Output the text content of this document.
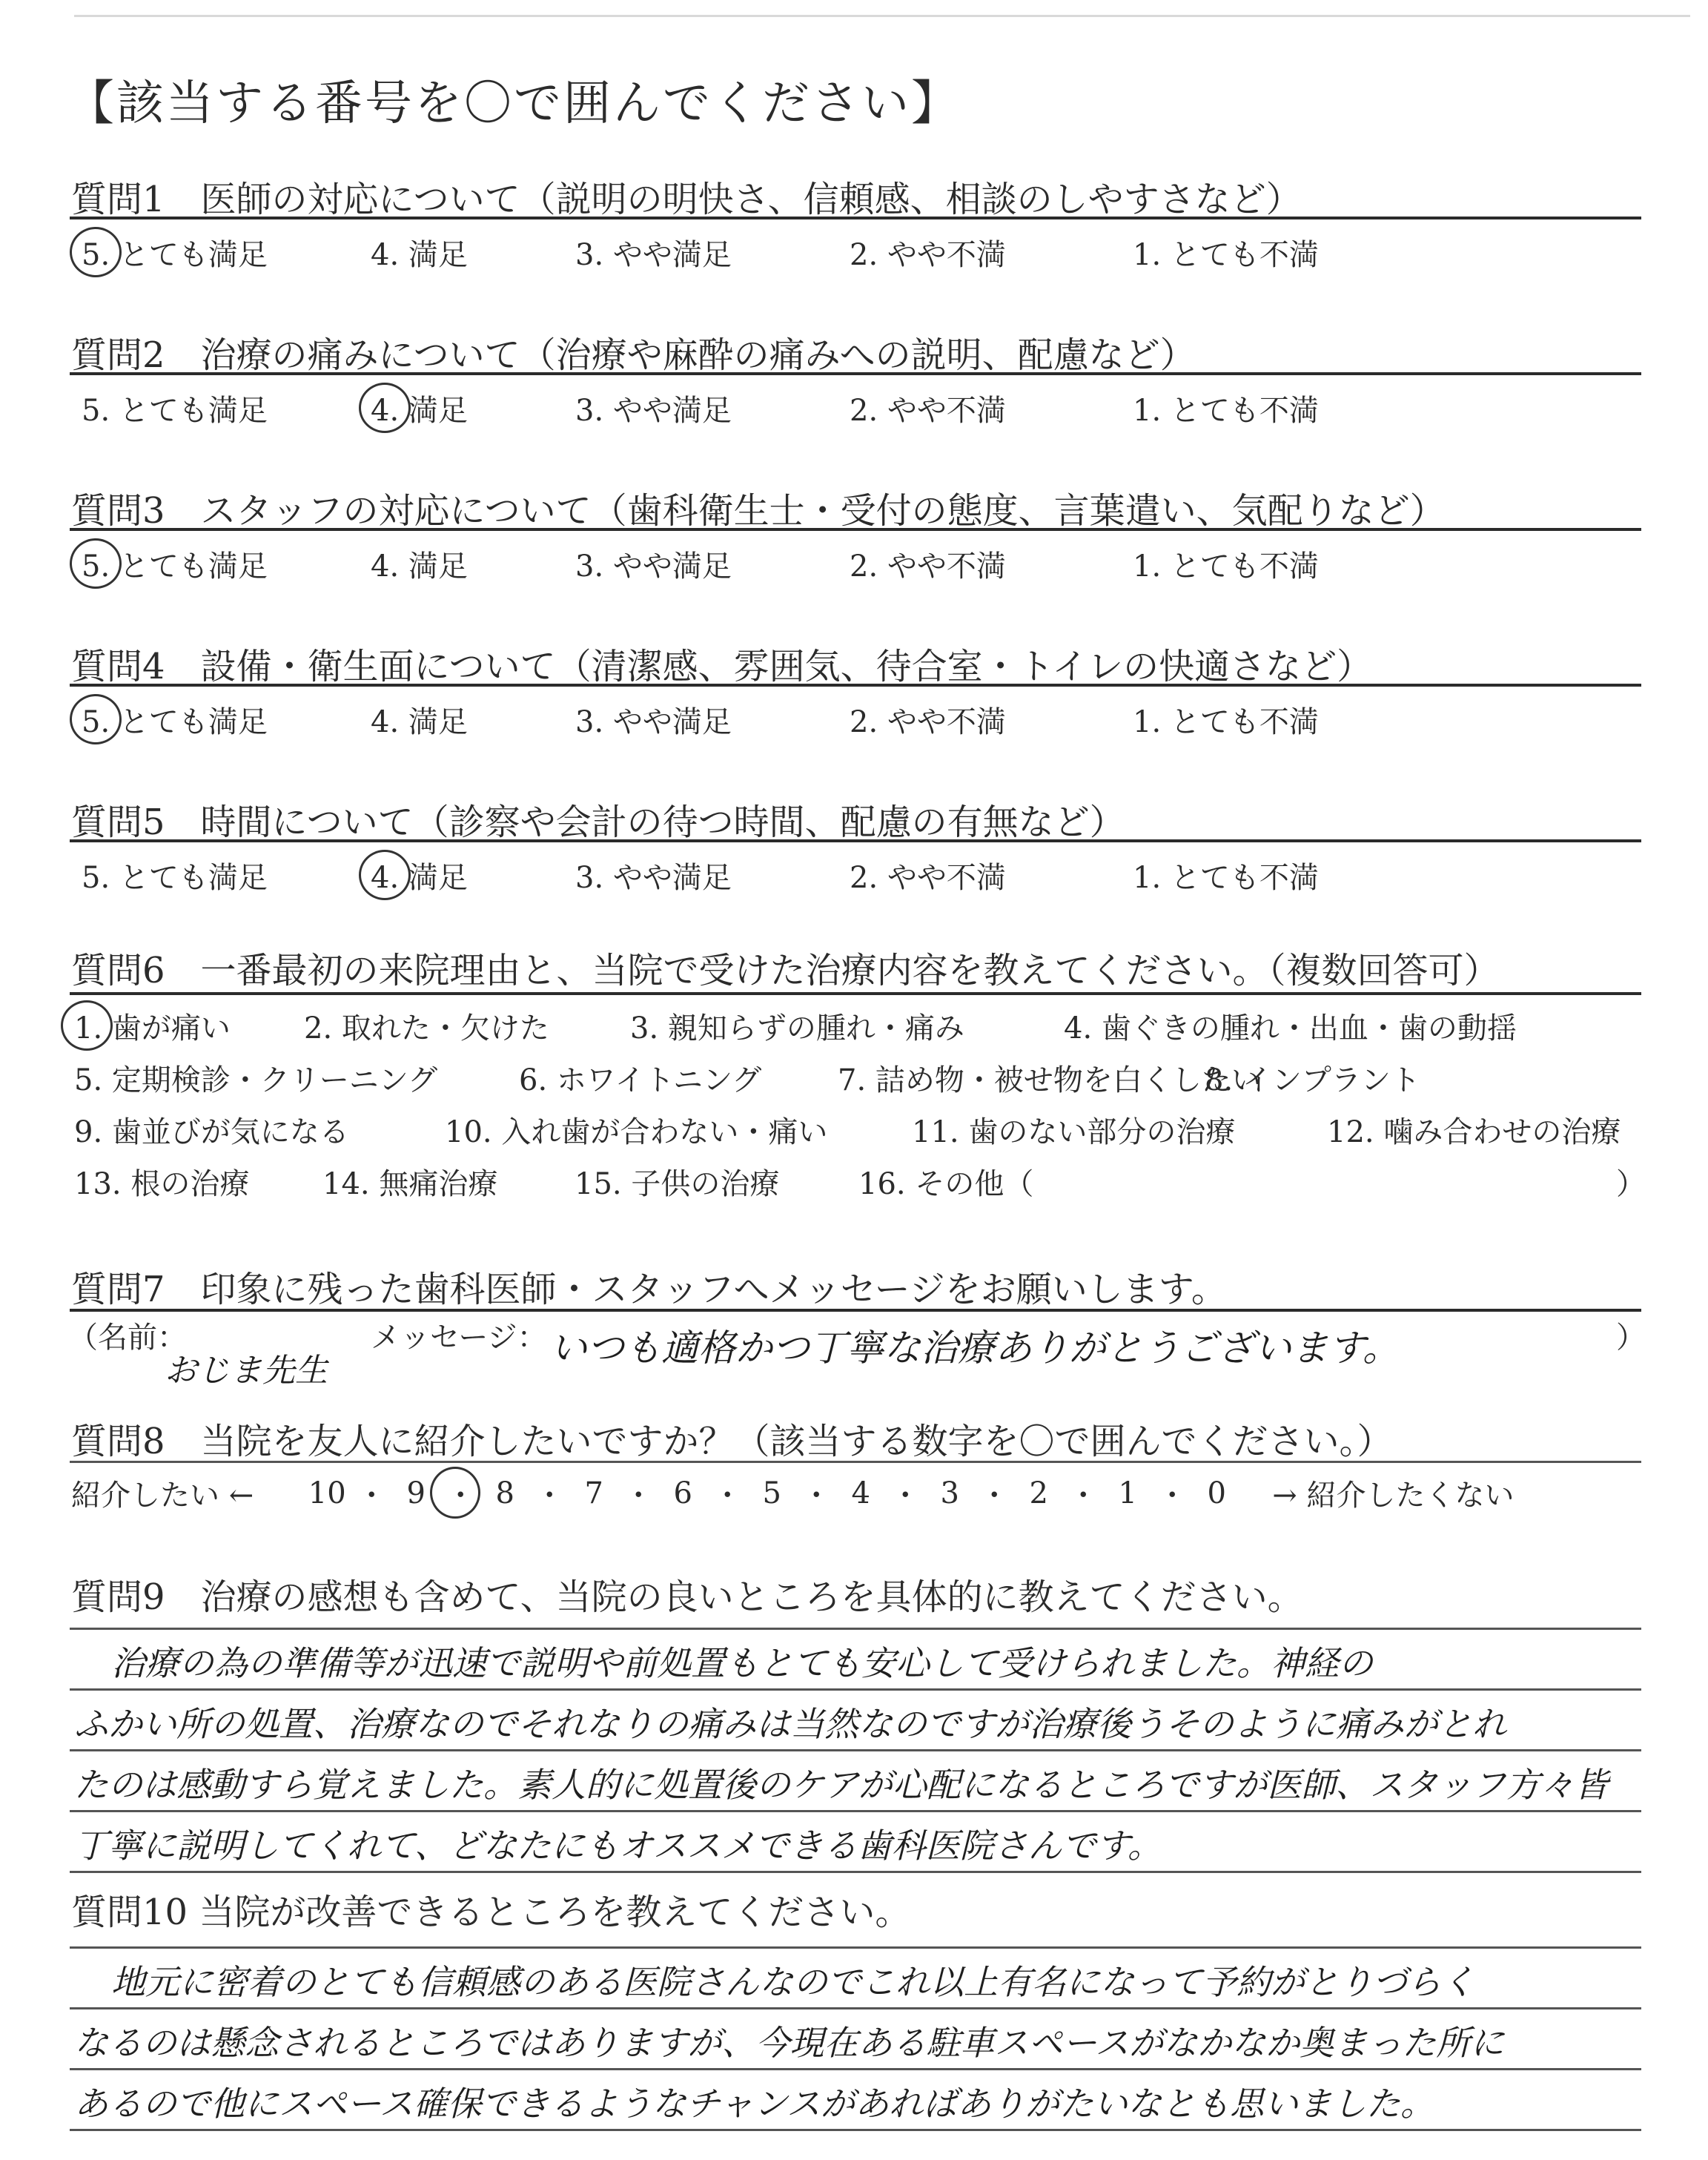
【該当する番号を〇で囲んでください】
質問1　医師の対応について（説明の明快さ、信頼感、相談のしやすさなど）
5. とても満足	4. 満足	3. やや満足	2. やや不満	1. とても不満
質問2　治療の痛みについて（治療や麻酔の痛みへの説明、配慮など）
5. とても満足	4. 満足	3. やや満足	2. やや不満	1. とても不満
質問3　スタッフの対応について（歯科衛生士・受付の態度、言葉遣い、気配りなど）
5. とても満足	4. 満足	3. やや満足	2. やや不満	1. とても不満
質問4　設備・衛生面について（清潔感、雰囲気、待合室・トイレの快適さなど）
5. とても満足	4. 満足	3. やや満足	2. やや不満	1. とても不満
質問5　時間について（診察や会計の待つ時間、配慮の有無など）
5. とても満足	4. 満足	3. やや満足	2. やや不満	1. とても不満
質問6　一番最初の来院理由と、当院で受けた治療内容を教えてください。（複数回答可）
1. 歯が痛い 2. 取れた・欠けた	3. 親知らずの腫れ・痛み	4. 歯ぐきの腫れ・出血・歯の動揺
5. 定期検診・クリーニング	6. ホワイトニング	7. 詰め物・被せ物を白くしたい
8. インプラント
9. 歯並びが気になる	10. 入れ歯が合わない・痛い	11. 歯のない部分の治療	12. 噛み合わせの治療
13. 根の治療 14. 無痛治療	15. 子供の治療	16. その他（	）
質問7　印象に残った歯科医師・スタッフへメッセージをお願いします。
（名前：
おじま先生
メッセージ： いつも適格かつ丁寧な治療ありがとうございます。	）
質問8　当院を友人に紹介したいですか？（該当する数字を〇で囲んでください。）
紹介したい ← 10 ・ 9 ・ 8 ・ 7 ・ 6 ・ 5 ・ 4 ・ 3 ・ 2 ・ 1 ・ 0	→ 紹介したくない
質問9　治療の感想も含めて、当院の良いところを具体的に教えてください。
治療の為の準備等が迅速で説明や前処置もとても安心して受けられました。神経の
ふかい所の処置、治療なのでそれなりの痛みは当然なのですが治療後うそのように痛みがとれ
たのは感動すら覚えました。素人的に処置後のケアが心配になるところですが医師、スタッフ方々皆
丁寧に説明してくれて、どなたにもオススメできる歯科医院さんです。
質問10 当院が改善できるところを教えてください。
地元に密着のとても信頼感のある医院さんなのでこれ以上有名になって予約がとりづらく
なるのは懸念されるところではありますが、今現在ある駐車スペースがなかなか奥まった所に
あるので他にスペース確保できるようなチャンスがあればありがたいなとも思いました。
